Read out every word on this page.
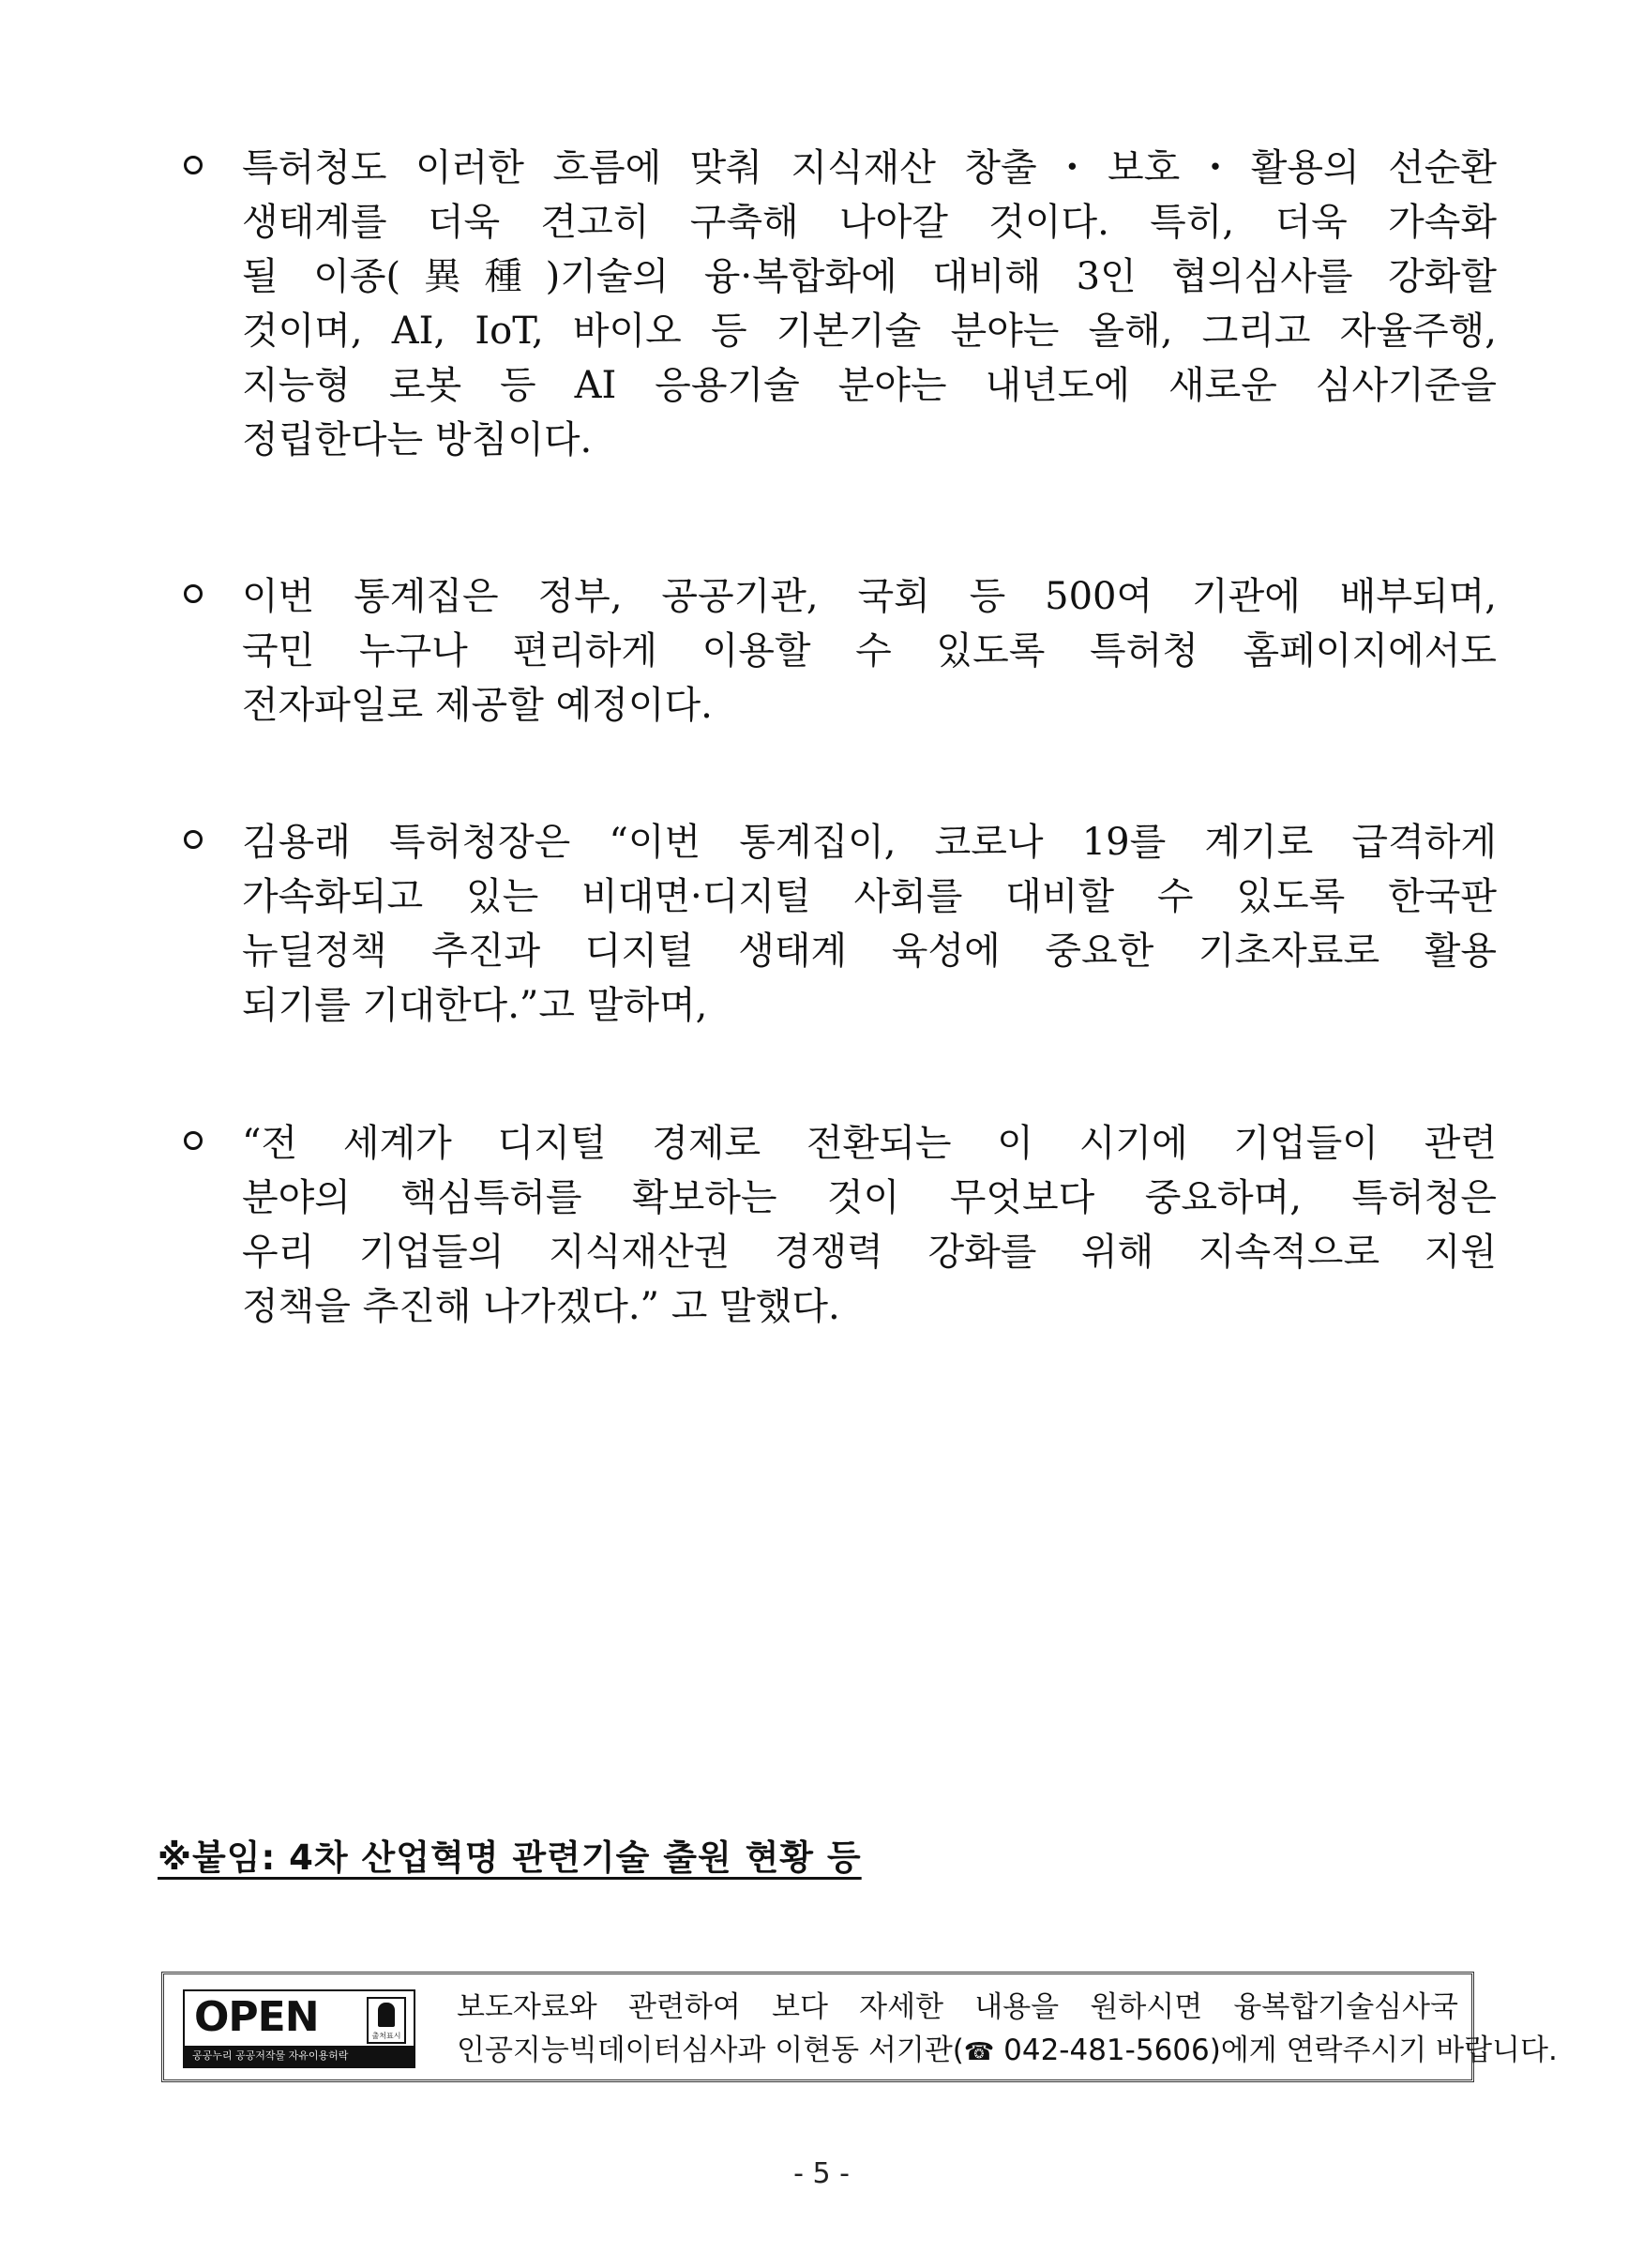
특허청도 이러한 흐름에 맞춰 지식재산 창출・보호・활용의 선순환
생태계를 더욱 견고히 구축해 나아갈 것이다. 특히, 더욱 가속화
될 이종(異種)기술의 융·복합화에 대비해 3인 협의심사를 강화할
것이며, AI, IoT, 바이오 등 기본기술 분야는 올해, 그리고 자율주행,
지능형 로봇 등 AI 응용기술 분야는 내년도에 새로운 심사기준을
정립한다는 방침이다.
이번 통계집은 정부, 공공기관, 국회 등 500여 기관에 배부되며,
국민 누구나 편리하게 이용할 수 있도록 특허청 홈페이지에서도
전자파일로 제공할 예정이다.
김용래 특허청장은 “이번 통계집이, 코로나 19를 계기로 급격하게
가속화되고 있는 비대면·디지털 사회를 대비할 수 있도록 한국판
뉴딜정책 추진과 디지털 생태계 육성에 중요한 기초자료로 활용
되기를 기대한다.”고 말하며,
“전 세계가 디지털 경제로 전환되는 이 시기에 기업들이 관련
분야의 핵심특허를 확보하는 것이 무엇보다 중요하며, 특허청은
우리 기업들의 지식재산권 경쟁력 강화를 위해 지속적으로 지원
정책을 추진해 나가겠다.” 고 말했다.
※붙임: 4차 산업혁명 관련기술 출원 현황 등
OPEN	출처표시
공공누리 공공저작물 자유이용허락
보도자료와 관련하여 보다 자세한 내용을 원하시면 융복합기술심사국
인공지능빅데이터심사과 이현동 서기관(☎ 042-481-5606)에게 연락주시기 바랍니다.
- 5 -
